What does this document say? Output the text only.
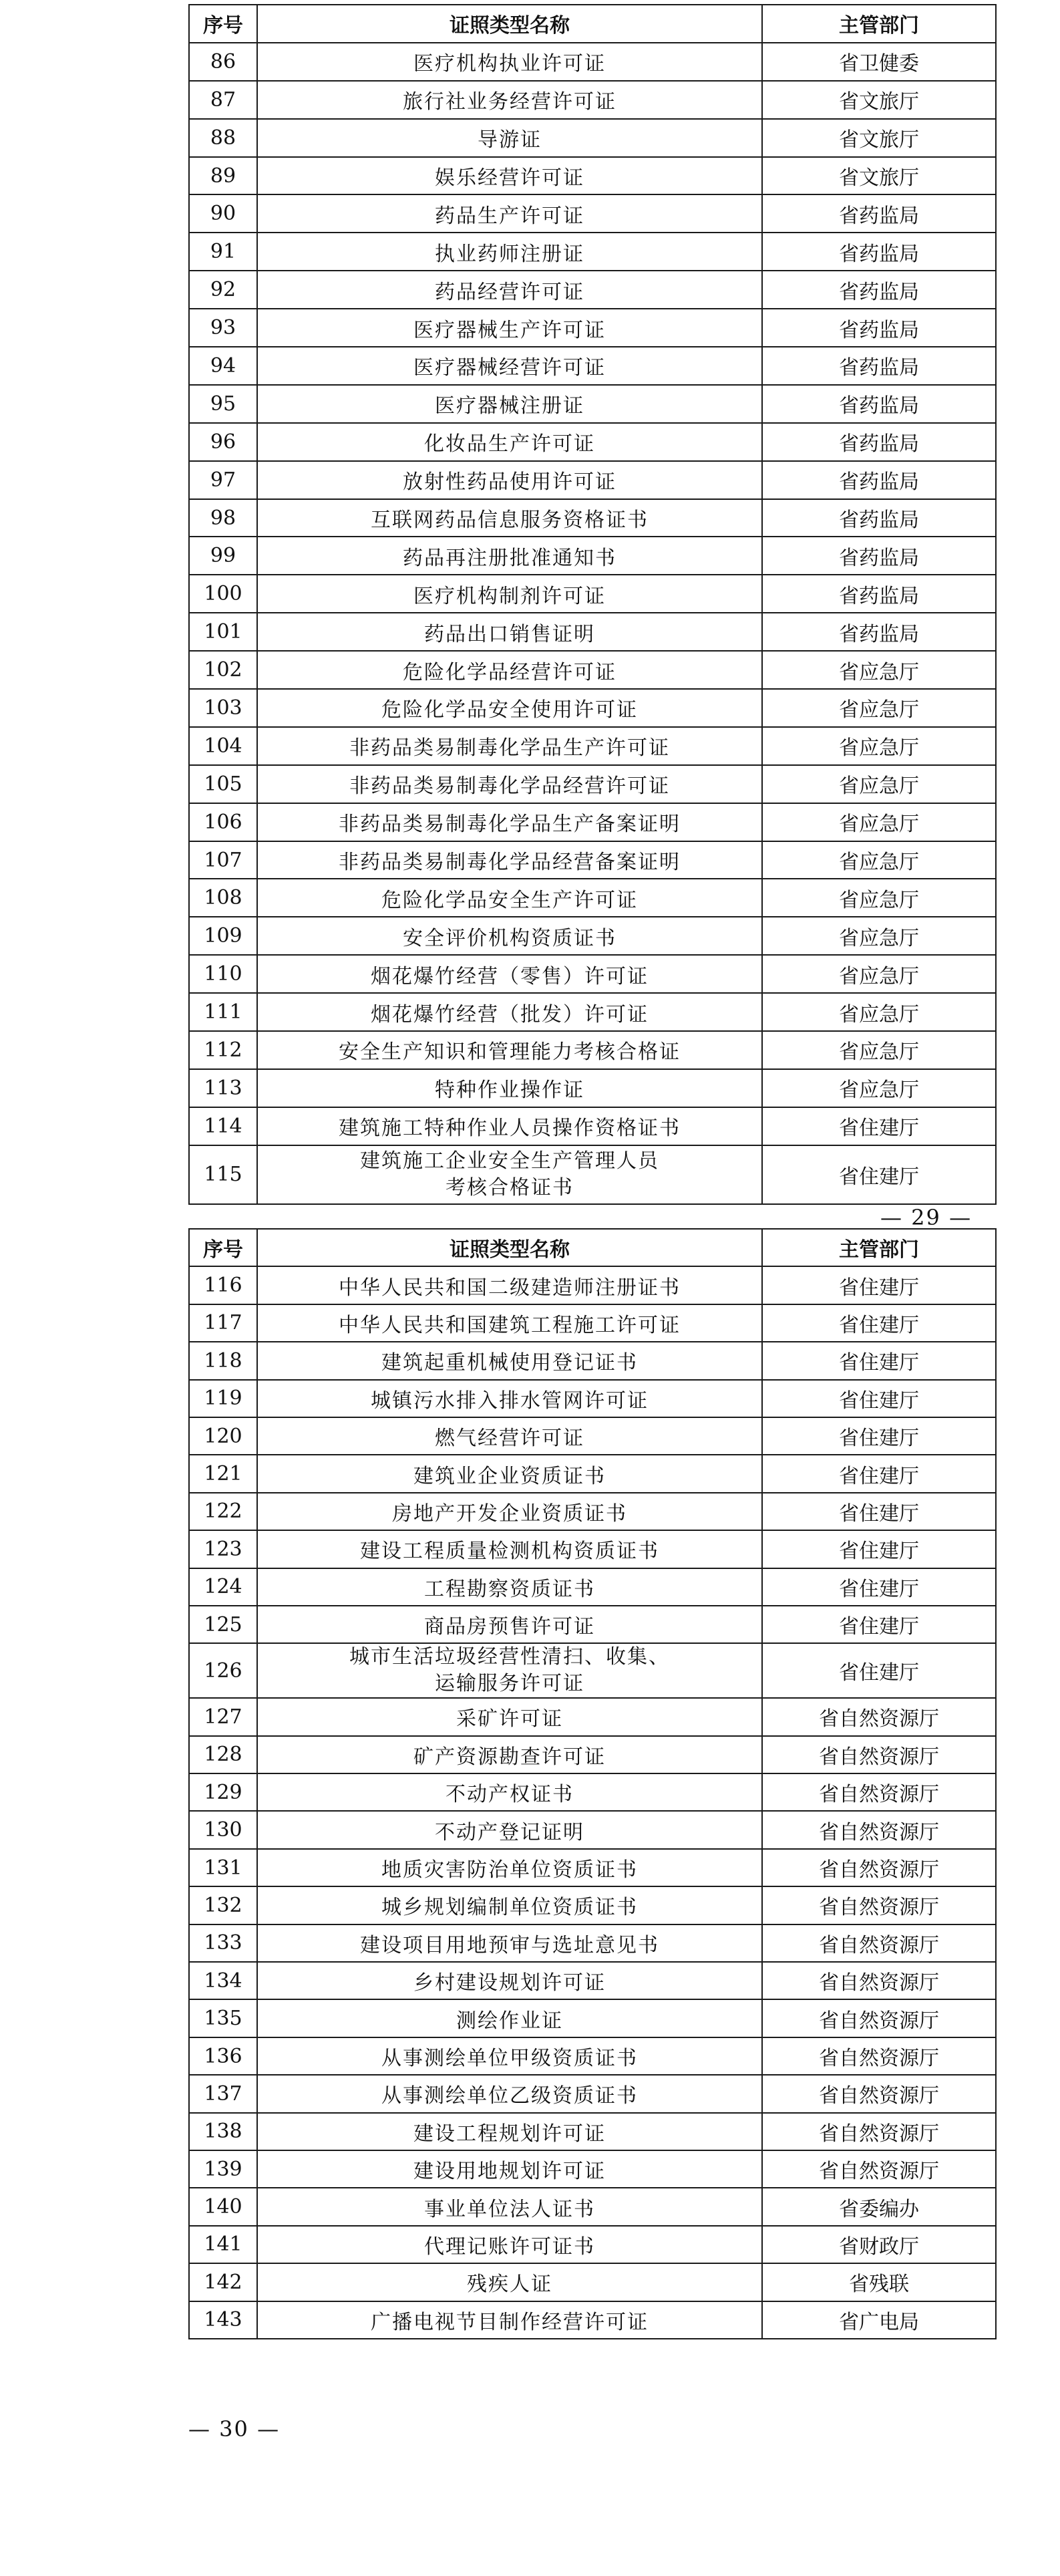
序号	证照类型名称	主管部门
86	医疗机构执业许可证	省卫健委
87	旅行社业务经营许可证	省文旅厅
88	导游证	省文旅厅
89	娱乐经营许可证	省文旅厅
90	药品生产许可证	省药监局
91	执业药师注册证	省药监局
92	药品经营许可证	省药监局
93	医疗器械生产许可证	省药监局
94	医疗器械经营许可证	省药监局
95	医疗器械注册证	省药监局
96	化妆品生产许可证	省药监局
97	放射性药品使用许可证	省药监局
98	互联网药品信息服务资格证书	省药监局
99	药品再注册批准通知书	省药监局
100	医疗机构制剂许可证	省药监局
101	药品出口销售证明	省药监局
102	危险化学品经营许可证	省应急厅
103	危险化学品安全使用许可证	省应急厅
104	非药品类易制毒化学品生产许可证	省应急厅
105	非药品类易制毒化学品经营许可证	省应急厅
106	非药品类易制毒化学品生产备案证明	省应急厅
107	非药品类易制毒化学品经营备案证明	省应急厅
108	危险化学品安全生产许可证	省应急厅
109	安全评价机构资质证书	省应急厅
110	烟花爆竹经营（零售）许可证	省应急厅
111	烟花爆竹经营（批发）许可证	省应急厅
112	安全生产知识和管理能力考核合格证	省应急厅
113	特种作业操作证	省应急厅
114	建筑施工特种作业人员操作资格证书	省住建厅
115	建筑施工企业安全生产管理人员
考核合格证书	省住建厅
— 29 —
序号	证照类型名称	主管部门
116	中华人民共和国二级建造师注册证书	省住建厅
117	中华人民共和国建筑工程施工许可证	省住建厅
118	建筑起重机械使用登记证书	省住建厅
119	城镇污水排入排水管网许可证	省住建厅
120	燃气经营许可证	省住建厅
121	建筑业企业资质证书	省住建厅
122	房地产开发企业资质证书	省住建厅
123	建设工程质量检测机构资质证书	省住建厅
124	工程勘察资质证书	省住建厅
125	商品房预售许可证	省住建厅
126	城市生活垃圾经营性清扫、收集、
运输服务许可证	省住建厅
127	采矿许可证	省自然资源厅
128	矿产资源勘查许可证	省自然资源厅
129	不动产权证书	省自然资源厅
130	不动产登记证明	省自然资源厅
131	地质灾害防治单位资质证书	省自然资源厅
132	城乡规划编制单位资质证书	省自然资源厅
133	建设项目用地预审与选址意见书	省自然资源厅
134	乡村建设规划许可证	省自然资源厅
135	测绘作业证	省自然资源厅
136	从事测绘单位甲级资质证书	省自然资源厅
137	从事测绘单位乙级资质证书	省自然资源厅
138	建设工程规划许可证	省自然资源厅
139	建设用地规划许可证	省自然资源厅
140	事业单位法人证书	省委编办
141	代理记账许可证书	省财政厅
142	残疾人证	省残联
143	广播电视节目制作经营许可证	省广电局
— 30 —
